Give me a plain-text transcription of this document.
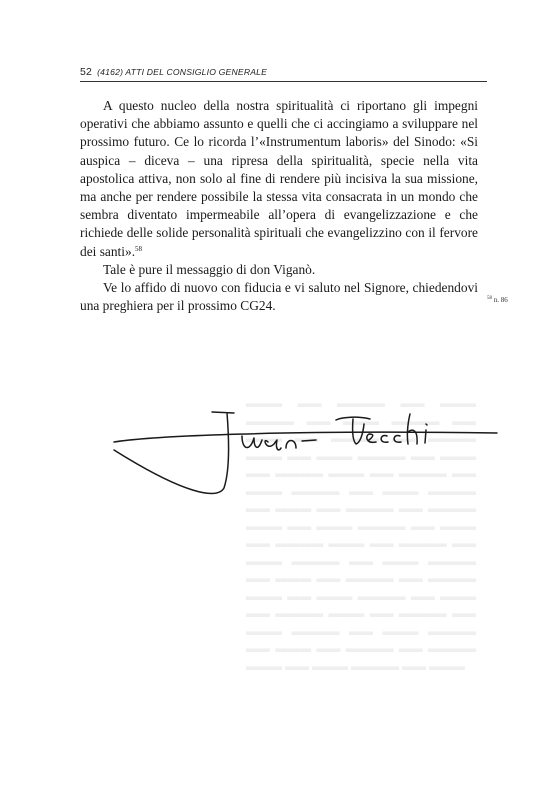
52 (4162) ATTI DEL CONSIGLIO GENERALE
▬▬▬ ▬▬ ▬▬▬▬ ▬▬ ▬▬▬ ▬▬▬▬ ▬▬ ▬▬▬ ▬▬▬▬ ▬▬ ▬▬▬ ▬▬ ▬▬▬▬ ▬▬ ▬▬▬▬ ▬▬▬ ▬▬ ▬▬▬ ▬▬▬▬ ▬▬ ▬▬▬ ▬▬ ▬▬▬▬ ▬▬▬ ▬▬ ▬▬▬▬ ▬▬ ▬▬▬ ▬▬▬▬ ▬▬ ▬▬▬ ▬▬▬▬ ▬▬ ▬▬▬ ▬▬ ▬▬▬▬ ▬▬ ▬▬▬▬ ▬▬▬ ▬▬ ▬▬▬ ▬▬▬▬ ▬▬ ▬▬▬ ▬▬ ▬▬▬▬ ▬▬▬ ▬▬ ▬▬▬▬ ▬▬ ▬▬▬ ▬▬▬▬ ▬▬ ▬▬▬ ▬▬▬▬ ▬▬ ▬▬▬ ▬▬ ▬▬▬▬ ▬▬ ▬▬▬▬ ▬▬▬ ▬▬ ▬▬▬ ▬▬▬▬ ▬▬ ▬▬▬ ▬▬ ▬▬▬▬ ▬▬▬ ▬▬ ▬▬▬▬ ▬▬ ▬▬▬ ▬▬▬▬ ▬▬ ▬▬▬ ▬▬▬▬ ▬▬ ▬▬▬ ▬▬ ▬▬▬▬ ▬▬ ▬▬▬▬ ▬▬▬ ▬▬ ▬▬▬ ▬▬▬▬ ▬▬ ▬▬▬

A questo nucleo della nostra spiritualità ci riportano gli impegni operativi che abbiamo assunto e quelli che ci accingiamo a sviluppare nel prossimo futuro. Ce lo ricorda l’«Instrumentum laboris» del Sinodo: «Si auspica – diceva – una ripresa della spiritualità, specie nella vita apostolica attiva, non solo al fine di rendere più incisiva la sua missione, ma anche per rendere possibile la stessa vita consacrata in un mondo che sembra diventato impermeabile all’opera di evangelizzazione e che richiede delle solide personalità spirituali che evangelizzino con il fervore dei santi».$^{58}$

Tale è pure il messaggio di don Viganò.

Ve lo affido di nuovo con fiducia e vi saluto nel Signore, chiedendovi una preghiera per il prossimo CG24.	$^{58}$ n. 86
